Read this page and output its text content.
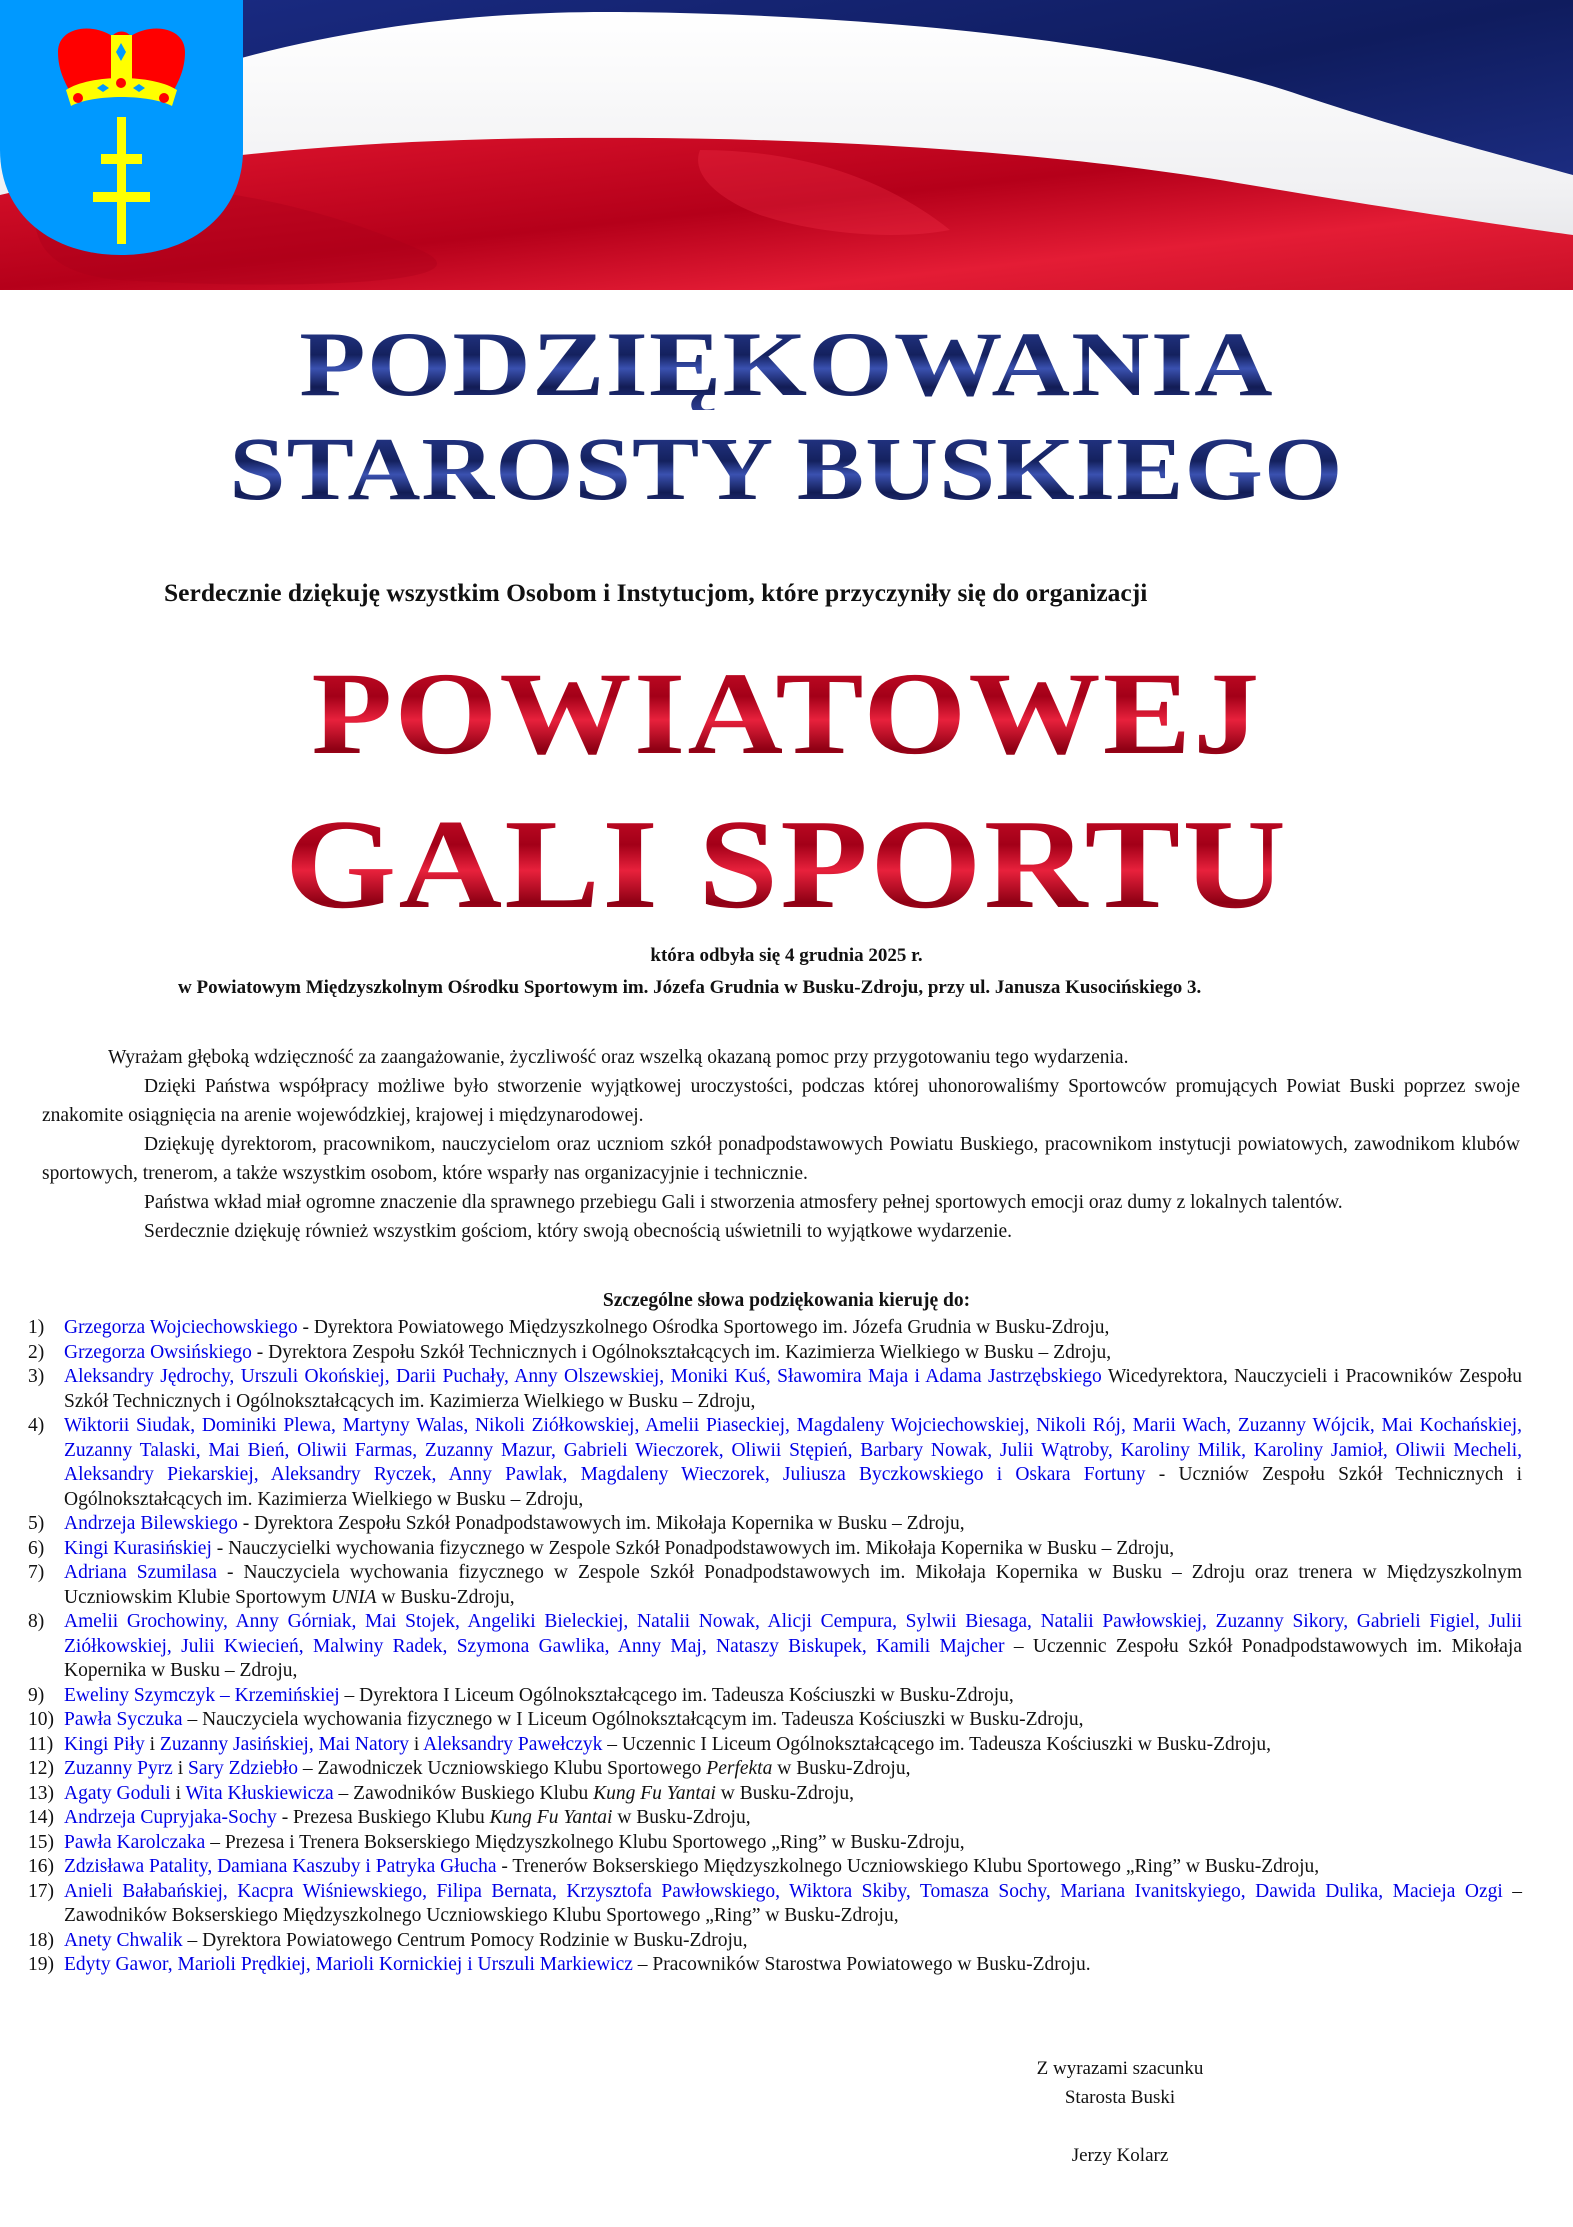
PODZIĘKOWANIA
STAROSTY BUSKIEGO
Serdecznie dziękuję wszystkim Osobom i Instytucjom, które przyczyniły się do organizacji
POWIATOWEJ
GALI SPORTU
która odbyła się 4 grudnia 2025 r.
w Powiatowym Międzyszkolnym Ośrodku Sportowym im. Józefa Grudnia w Busku-Zdroju, przy ul. Janusza Kusocińskiego 3.

Wyrażam głęboką wdzięczność za zaangażowanie, życzliwość oraz wszelką okazaną pomoc przy przygotowaniu tego wydarzenia.

Dzięki Państwa współpracy możliwe było stworzenie wyjątkowej uroczystości, podczas której uhonorowaliśmy Sportowców promujących Powiat Buski poprzez swoje znakomite osiągnięcia na arenie wojewódzkiej, krajowej i międzynarodowej.

Dziękuję dyrektorom, pracownikom, nauczycielom oraz uczniom szkół ponadpodstawowych Powiatu Buskiego, pracownikom instytucji powiatowych, zawodnikom klubów sportowych, trenerom, a także wszystkim osobom, które wsparły nas organizacyjnie i technicznie.

Państwa wkład miał ogromne znaczenie dla sprawnego przebiegu Gali i stworzenia atmosfery pełnej sportowych emocji oraz dumy z lokalnych talentów.

Serdecznie dziękuję również wszystkim gościom, który swoją obecnością uświetnili to wyjątkowe wydarzenie.

Szczególne słowa podziękowania kieruję do:
1) Grzegorza Wojciechowskiego - Dyrektora Powiatowego Międzyszkolnego Ośrodka Sportowego im. Józefa Grudnia w Busku-Zdroju,
2) Grzegorza Owsińskiego - Dyrektora Zespołu Szkół Technicznych i Ogólnokształcących im. Kazimierza Wielkiego w Busku – Zdroju,
3) Aleksandry Jędrochy, Urszuli Okońskiej, Darii Puchały, Anny Olszewskiej, Moniki Kuś, Sławomira Maja i Adama Jastrzębskiego Wicedyrektora, Nauczycieli i Pracowników Zespołu Szkół Technicznych i Ogólnokształcących im. Kazimierza Wielkiego w Busku – Zdroju,
4) Wiktorii Siudak, Dominiki Plewa, Martyny Walas, Nikoli Ziółkowskiej, Amelii Piaseckiej, Magdaleny Wojciechowskiej, Nikoli Rój, Marii Wach, Zuzanny Wójcik, Mai Kochańskiej, Zuzanny Talaski, Mai Bień, Oliwii Farmas, Zuzanny Mazur, Gabrieli Wieczorek, Oliwii Stępień, Barbary Nowak, Julii Wątroby, Karoliny Milik, Karoliny Jamioł, Oliwii Mecheli, Aleksandry Piekarskiej, Aleksandry Ryczek, Anny Pawlak, Magdaleny Wieczorek, Juliusza Byczkowskiego i Oskara Fortuny - Uczniów Zespołu Szkół Technicznych i Ogólnokształcących im. Kazimierza Wielkiego w Busku – Zdroju,
5) Andrzeja Bilewskiego - Dyrektora Zespołu Szkół Ponadpodstawowych im. Mikołaja Kopernika w Busku – Zdroju,
6) Kingi Kurasińskiej - Nauczycielki wychowania fizycznego w Zespole Szkół Ponadpodstawowych im. Mikołaja Kopernika w Busku – Zdroju,
7) Adriana Szumilasa - Nauczyciela wychowania fizycznego w Zespole Szkół Ponadpodstawowych im. Mikołaja Kopernika w Busku – Zdroju oraz trenera w Międzyszkolnym Uczniowskim Klubie Sportowym UNIA w Busku-Zdroju,
8) Amelii Grochowiny, Anny Górniak, Mai Stojek, Angeliki Bieleckiej, Natalii Nowak, Alicji Cempura, Sylwii Biesaga, Natalii Pawłowskiej, Zuzanny Sikory, Gabrieli Figiel, Julii Ziółkowskiej, Julii Kwiecień, Malwiny Radek, Szymona Gawlika, Anny Maj, Nataszy Biskupek, Kamili Majcher – Uczennic Zespołu Szkół Ponadpodstawowych im. Mikołaja Kopernika w Busku – Zdroju,
9) Eweliny Szymczyk – Krzemińskiej – Dyrektora I Liceum Ogólnokształcącego im. Tadeusza Kościuszki w Busku-Zdroju,
10) Pawła Syczuka – Nauczyciela wychowania fizycznego w I Liceum Ogólnokształcącym im. Tadeusza Kościuszki w Busku-Zdroju,
11) Kingi Piły i Zuzanny Jasińskiej, Mai Natory i Aleksandry Pawełczyk – Uczennic I Liceum Ogólnokształcącego im. Tadeusza Kościuszki w Busku-Zdroju,
12) Zuzanny Pyrz i Sary Zdziebło – Zawodniczek Uczniowskiego Klubu Sportowego Perfekta w Busku-Zdroju,
13) Agaty Goduli i Wita Kłuskiewicza – Zawodników Buskiego Klubu Kung Fu Yantai w Busku-Zdroju,
14) Andrzeja Cupryjaka-Sochy - Prezesa Buskiego Klubu Kung Fu Yantai w Busku-Zdroju,
15) Pawła Karolczaka – Prezesa i Trenera Bokserskiego Międzyszkolnego Klubu Sportowego „Ring” w Busku-Zdroju,
16) Zdzisława Patality, Damiana Kaszuby i Patryka Głucha - Trenerów Bokserskiego Międzyszkolnego Uczniowskiego Klubu Sportowego „Ring” w Busku-Zdroju,
17) Anieli Bałabańskiej, Kacpra Wiśniewskiego, Filipa Bernata, Krzysztofa Pawłowskiego, Wiktora Skiby, Tomasza Sochy, Mariana Ivanitskyiego, Dawida Dulika, Macieja Ozgi – Zawodników Bokserskiego Międzyszkolnego Uczniowskiego Klubu Sportowego „Ring” w Busku-Zdroju,
18) Anety Chwalik – Dyrektora Powiatowego Centrum Pomocy Rodzinie w Busku-Zdroju,
19) Edyty Gawor, Marioli Prędkiej, Marioli Kornickiej i Urszuli Markiewicz – Pracowników Starostwa Powiatowego w Busku-Zdroju.
Z wyrazami szacunku
Starosta Buski
Jerzy Kolarz
